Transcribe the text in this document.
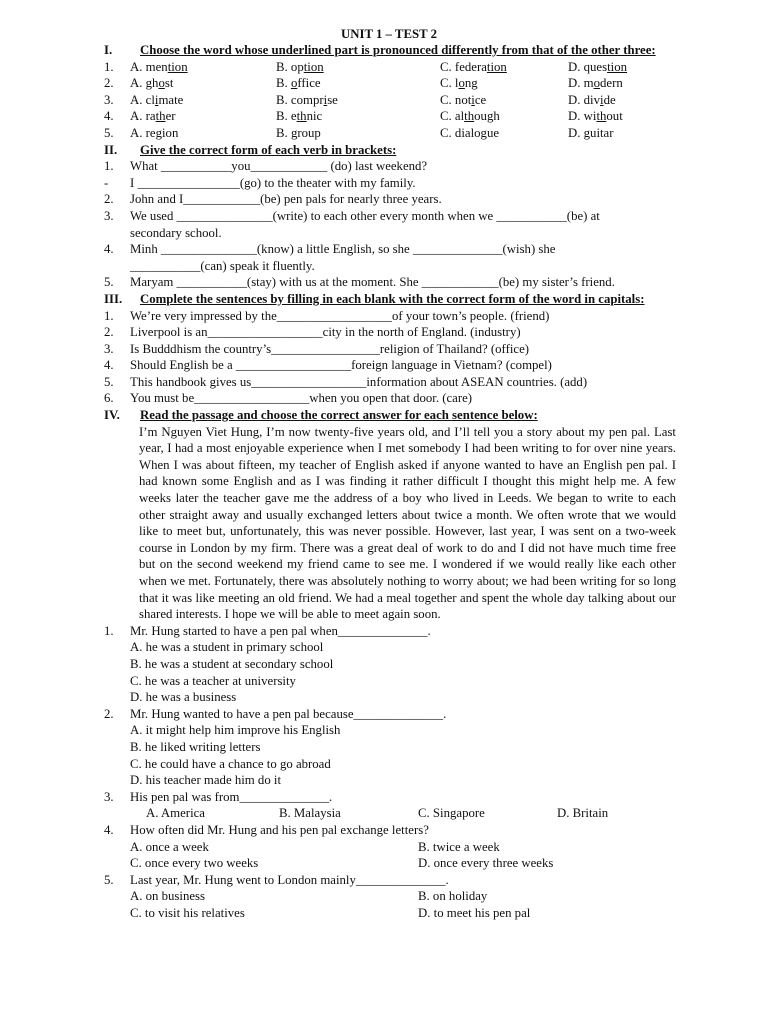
UNIT 1 – TEST 2
I. Choose the word whose underlined part is pronounced differently from that of the other three:
1.	A. mention	B. option	C. federation	D. question
2.	A. ghost	B. office	C. long	D. modern
3.	A. climate	B. comprise	C. notice	D. divide
4.	A. rather	B. ethnic	C. although	D. without
5.	A. region	B. group	C. dialogue	D. guitar
II. Give the correct form of each verb in brackets:
1.	What ___________you____________ (do) last weekend?
-	I ________________(go) to the theater with my family.
2.	John and I____________(be) pen pals for nearly three years.
3.	We used _______________(write) to each other every month when we ___________(be) at
secondary school.
4.	Minh _______________(know) a little English, so she ______________(wish) she
___________(can) speak it fluently.
5.	Maryam ___________(stay) with us at the moment. She ____________(be) my sister’s friend.
III. Complete the sentences by filling in each blank with the correct form of the word in capitals:
1.	We’re very impressed by the__________________of your town’s people. (friend)
2.	Liverpool is an__________________city in the north of England. (industry)
3.	Is Budddhism the country’s_________________religion of Thailand? (office)
4.	Should English be a __________________foreign language in Vietnam? (compel)
5.	This handbook gives us__________________information about ASEAN countries. (add)
6.	You must be__________________when you open that door. (care)
IV. Read the passage and choose the correct answer for each sentence below:

I’m Nguyen Viet Hung, I’m now twenty-five years old, and I’ll tell you a story about my pen pal. Last year, I had a most enjoyable experience when I met somebody I had been writing to for over nine years. When I was about fifteen, my teacher of English asked if anyone wanted to have an English pen pal. I had known some English and as I was finding it rather difficult I thought this might help me. A few weeks later the teacher gave me the address of a boy who lived in Leeds. We began to write to each other straight away and usually exchanged letters about twice a month. We often wrote that we would like to meet but, unfortunately, this was never possible. However, last year, I was sent on a two-week course in London by my firm. There was a great deal of work to do and I did not have much time free but on the second weekend my friend came to see me. I wondered if we would really like each other when we met. Fortunately, there was absolutely nothing to worry about; we had been writing for so long that it was like meeting an old friend. We had a meal together and spent the whole day talking about our shared interests. I hope we will be able to meet again soon.

1.	Mr. Hung started to have a pen pal when______________.
A. he was a student in primary school
B. he was a student at secondary school
C. he was a teacher at university
D. he was a business
2.	Mr. Hung wanted to have a pen pal because______________.
A. it might help him improve his English
B. he liked writing letters
C. he could have a chance to go abroad
D. his teacher made him do it
3.	His pen pal was from______________.
A. America	B. Malaysia	C. Singapore	D. Britain
4.	How often did Mr. Hung and his pen pal exchange letters?
A. once a week	B. twice a week
C. once every two weeks	D. once every three weeks
5.	Last year, Mr. Hung went to London mainly______________.
A. on business	B. on holiday
C. to visit his relatives	D. to meet his pen pal
